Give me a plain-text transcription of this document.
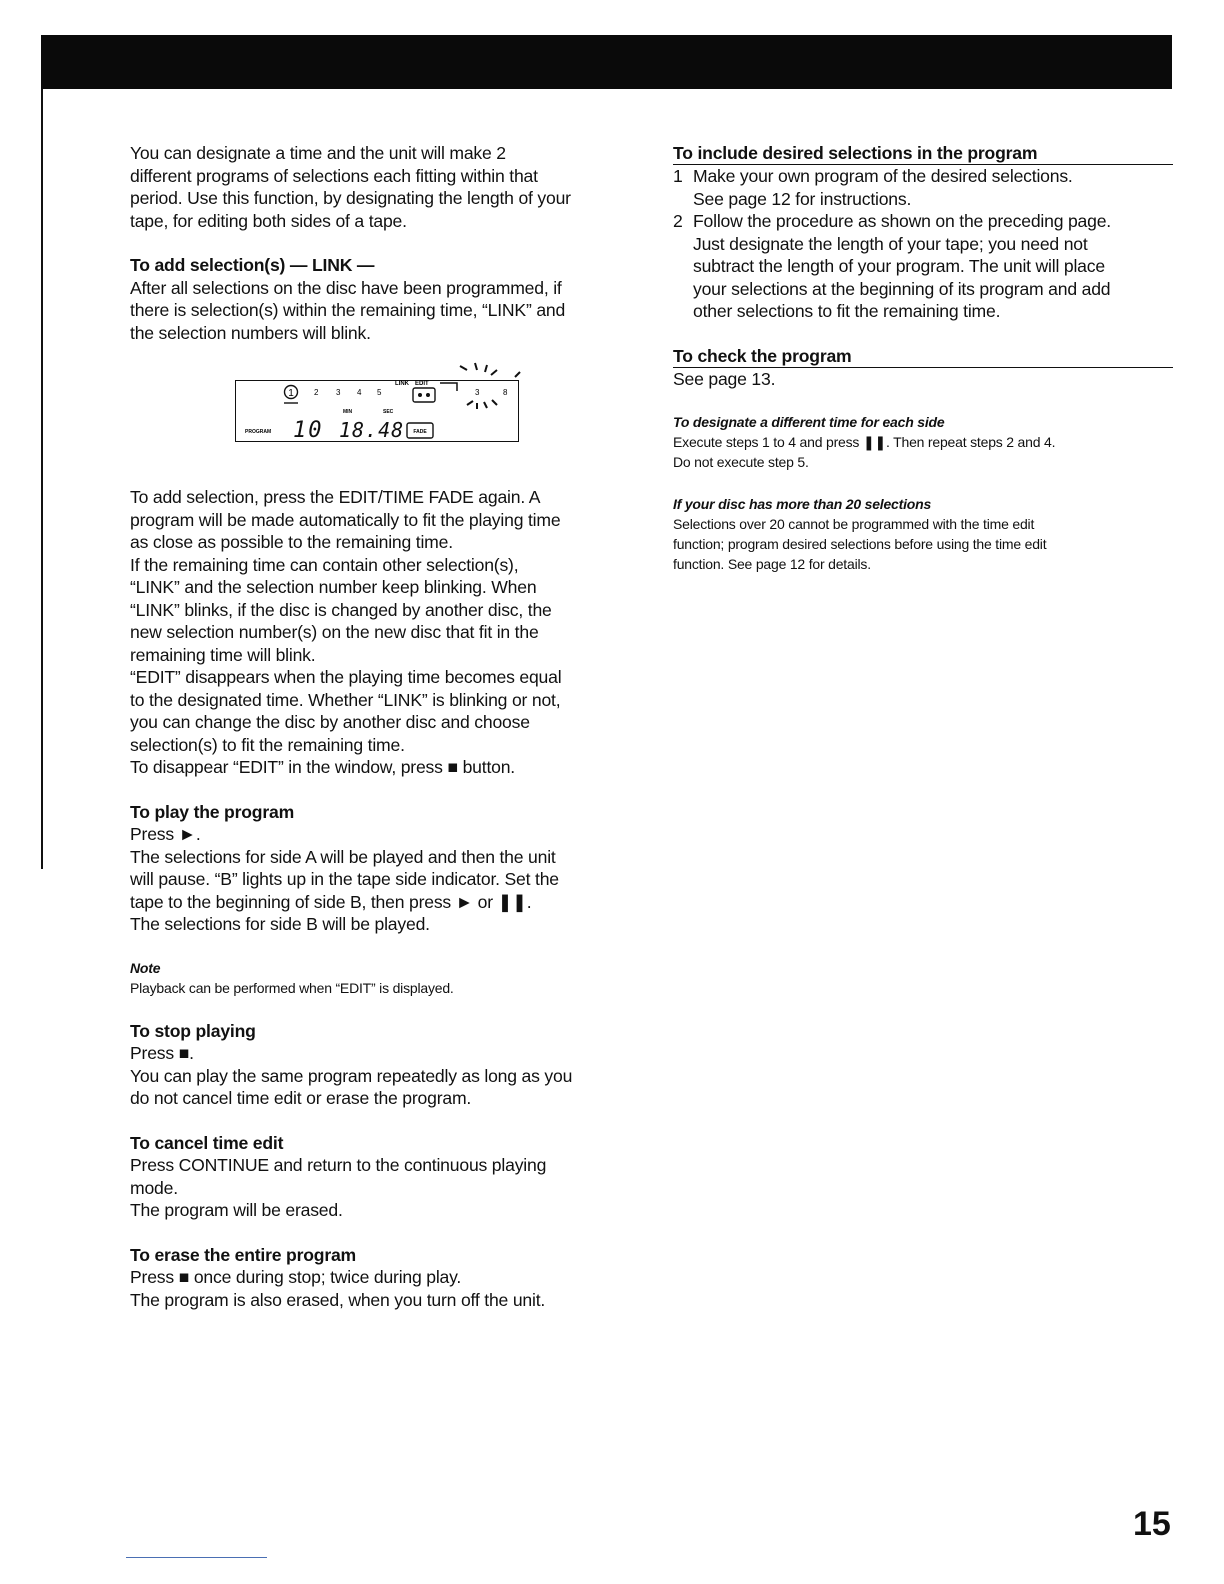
You can designate a time and the unit will make 2

different programs of selections each fitting within that

period. Use this function, by designating the length of your

tape, for editing both sides of a tape.

To add selection(s) — LINK —

After all selections on the disc have been programmed, if

there is selection(s) within the remaining time, “LINK” and

the selection numbers will blink.

1	2 3 4 5	3	8
LINK EDIT
MIN	SEC
PROGRAM 10 18.48 FADE

To add selection, press the EDIT/TIME FADE again. A

program will be made automatically to fit the playing time

as close as possible to the remaining time.

If the remaining time can contain other selection(s),

“LINK” and the selection number keep blinking. When

“LINK” blinks, if the disc is changed by another disc, the

new selection number(s) on the new disc that fit in the

remaining time will blink.

“EDIT” disappears when the playing time becomes equal

to the designated time. Whether “LINK” is blinking or not,

you can change the disc by another disc and choose

selection(s) to fit the remaining time.

To disappear “EDIT” in the window, press ■ button.

To play the program

Press ►.

The selections for side A will be played and then the unit

will pause. “B” lights up in the tape side indicator. Set the

tape to the beginning of side B, then press ► or ❚❚.

The selections for side B will be played.

Note

Playback can be performed when “EDIT” is displayed.

To stop playing

Press ■.

You can play the same program repeatedly as long as you

do not cancel time edit or erase the program.

To cancel time edit

Press CONTINUE and return to the continuous playing

mode.

The program will be erased.

To erase the entire program

Press ■ once during stop; twice during play.

The program is also erased, when you turn off the unit.

To include desired selections in the program

1 Make your own program of the desired selections.
See page 12 for instructions.
2 Follow the procedure as shown on the preceding page.
Just designate the length of your tape; you need not
subtract the length of your program. The unit will place
your selections at the beginning of its program and add
other selections to fit the remaining time.

To check the program

See page 13.

To designate a different time for each side

Execute steps 1 to 4 and press ❚❚. Then repeat steps 2 and 4.

Do not execute step 5.

If your disc has more than 20 selections

Selections over 20 cannot be programmed with the time edit

function; program desired selections before using the time edit

function. See page 12 for details.

15
